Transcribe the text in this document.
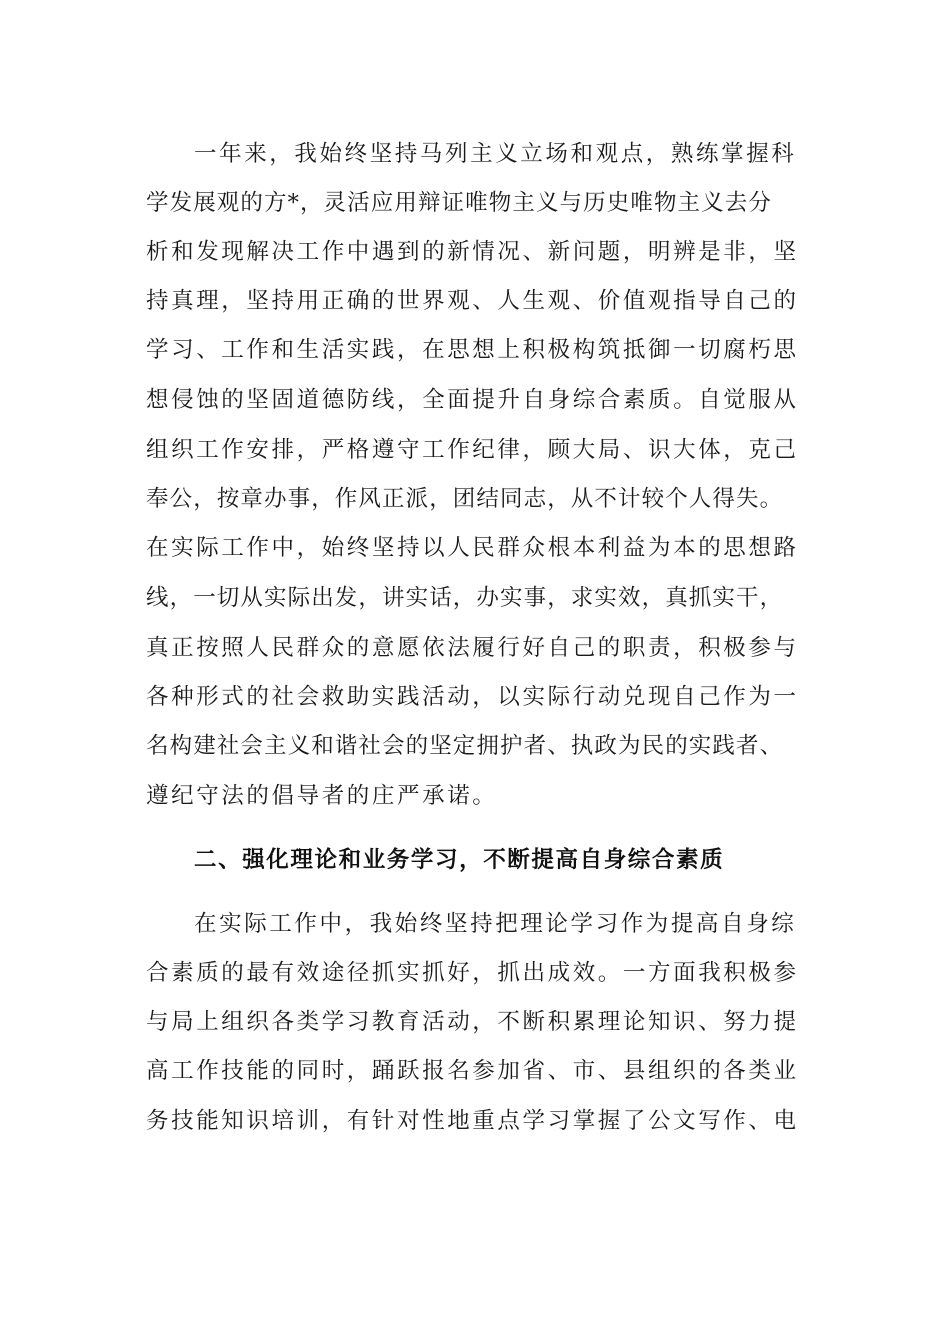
一年来，我始终坚持马列主义立场和观点，熟练掌握科
学发展观的方*，灵活应用辩证唯物主义与历史唯物主义去分
析和发现解决工作中遇到的新情况、新问题，明辨是非，坚
持真理，坚持用正确的世界观、人生观、价值观指导自己的
学习、工作和生活实践，在思想上积极构筑抵御一切腐朽思
想侵蚀的坚固道德防线，全面提升自身综合素质。自觉服从
组织工作安排，严格遵守工作纪律，顾大局、识大体，克己
奉公，按章办事，作风正派，团结同志，从不计较个人得失。
在实际工作中，始终坚持以人民群众根本利益为本的思想路
线，一切从实际出发，讲实话，办实事，求实效，真抓实干，
真正按照人民群众的意愿依法履行好自己的职责，积极参与
各种形式的社会救助实践活动，以实际行动兑现自己作为一
名构建社会主义和谐社会的坚定拥护者、执政为民的实践者、
遵纪守法的倡导者的庄严承诺。
二、强化理论和业务学习，不断提高自身综合素质
在实际工作中，我始终坚持把理论学习作为提高自身综
合素质的最有效途径抓实抓好，抓出成效。一方面我积极参
与局上组织各类学习教育活动，不断积累理论知识、努力提
高工作技能的同时，踊跃报名参加省、市、县组织的各类业
务技能知识培训，有针对性地重点学习掌握了公文写作、电
